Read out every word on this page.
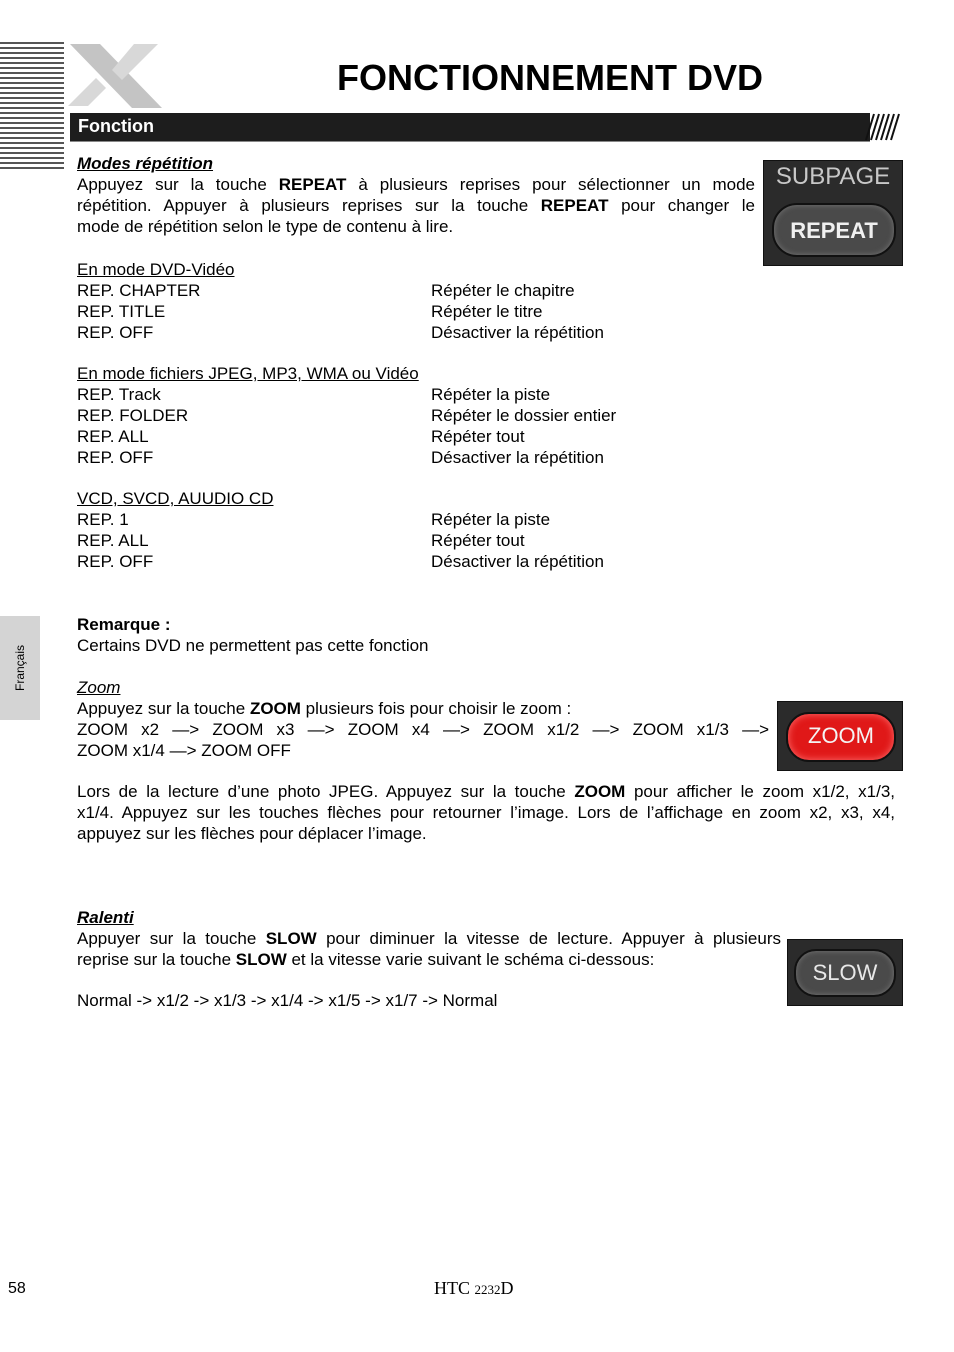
FONCTIONNEMENT DVD
Fonction
Français
Modes répétition
Appuyez sur la touche REPEAT à plusieurs reprises pour sélectionner un mode
répétition. Appuyer à plusieurs reprises sur la touche REPEAT pour changer le
mode de répétition selon le type de contenu à lire.
SUBPAGE
REPEAT
En mode DVD-Vidéo
REP. CHAPTER	Répéter le chapitre
REP. TITLE	Répéter le titre
REP. OFF	Désactiver la répétition
En mode fichiers JPEG, MP3, WMA ou Vidéo
REP. Track	Répéter la piste
REP. FOLDER	Répéter le dossier entier
REP. ALL	Répéter tout
REP. OFF	Désactiver la répétition
VCD, SVCD, AUUDIO CD
REP. 1	Répéter la piste
REP. ALL	Répéter tout
REP. OFF	Désactiver la répétition
Remarque :
Certains DVD ne permettent pas cette fonction
Zoom
Appuyez sur la touche ZOOM plusieurs fois pour choisir le zoom :
ZOOM x2 —> ZOOM x3 —> ZOOM x4 —> ZOOM x1/2 —> ZOOM x1/3 —>
ZOOM x1/4 —> ZOOM OFF
ZOOM
Lors de la lecture d’une photo JPEG. Appuyez sur la touche ZOOM pour afficher le zoom x1/2, x1/3,
x1/4. Appuyez sur les touches flèches pour retourner l’image. Lors de l’affichage en zoom x2, x3, x4,
appuyez sur les flèches pour déplacer l’image.
Ralenti
Appuyer sur la touche SLOW pour diminuer la vitesse de lecture. Appuyer à plusieurs
reprise sur la touche SLOW et la vitesse varie suivant le schéma ci-dessous:
Normal -> x1/2 -> x1/3 -> x1/4 -> x1/5 -> x1/7 -> Normal
SLOW
58	HTC 2232D
